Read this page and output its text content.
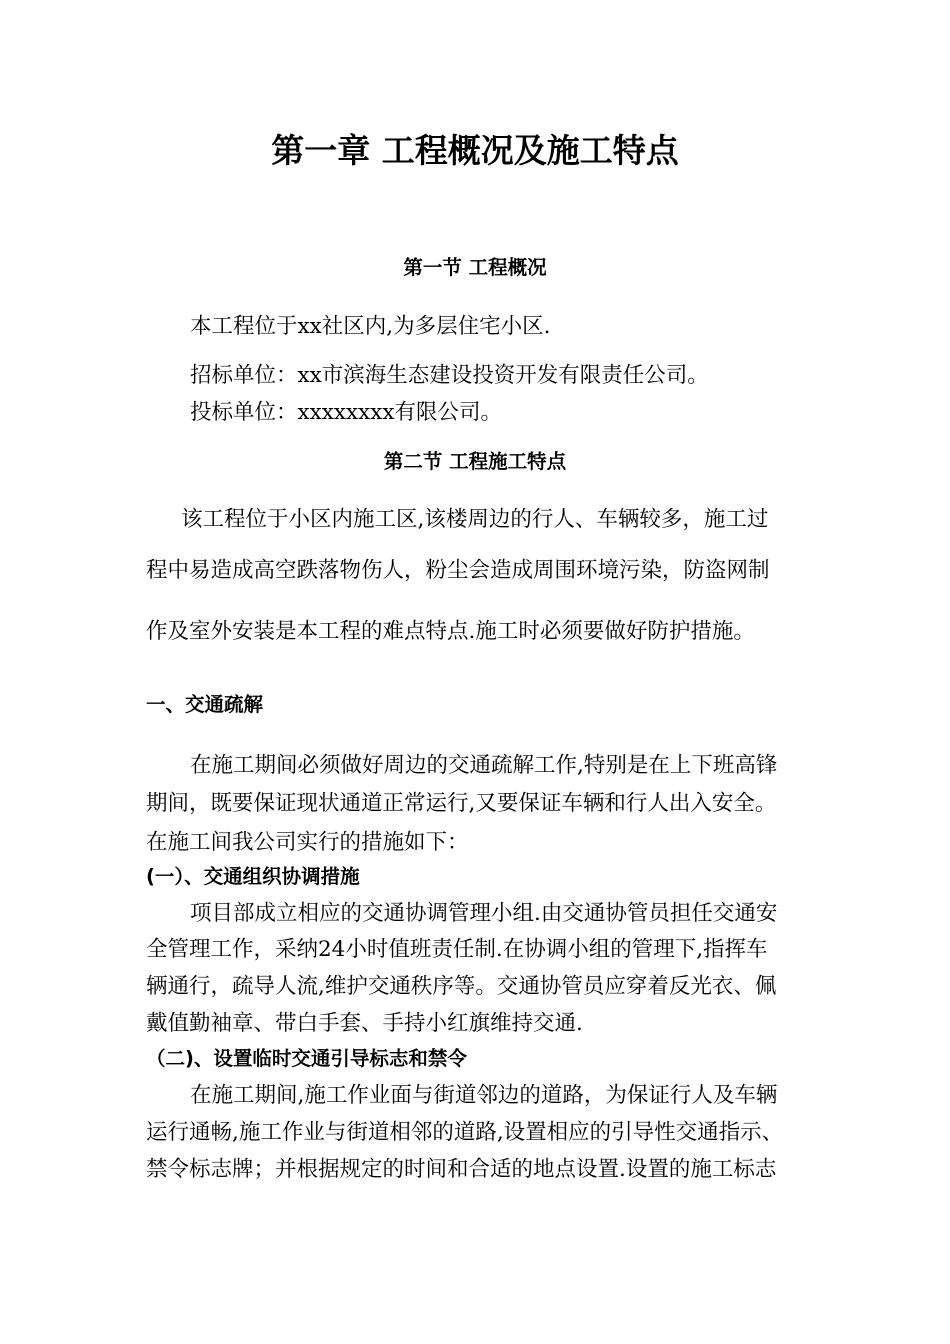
第一章 工程概况及施工特点
第一节 工程概况
本工程位于xx社区内,为多层住宅小区.
招标单位：xx市滨海生态建设投资开发有限责任公司。
投标单位：xxxxxxxx有限公司。
第二节 工程施工特点
该工程位于小区内施工区,该楼周边的行人、车辆较多，施工过
程中易造成高空跌落物伤人，粉尘会造成周围环境污染，防盗网制
作及室外安装是本工程的难点特点.施工时必须要做好防护措施。
一、交通疏解
在施工期间必须做好周边的交通疏解工作,特别是在上下班高锋
期间，既要保证现状通道正常运行,又要保证车辆和行人出入安全。
在施工间我公司实行的措施如下：
(一）、交通组织协调措施
项目部成立相应的交通协调管理小组.由交通协管员担任交通安
全管理工作，采纳24小时值班责任制.在协调小组的管理下,指挥车
辆通行，疏导人流,维护交通秩序等。交通协管员应穿着反光衣、佩
戴值勤袖章、带白手套、手持小红旗维持交通.
（二)、设置临时交通引导标志和禁令
在施工期间,施工作业面与街道邻边的道路，为保证行人及车辆
运行通畅,施工作业与街道相邻的道路,设置相应的引导性交通指示、
禁令标志牌；并根据规定的时间和合适的地点设置.设置的施工标志
